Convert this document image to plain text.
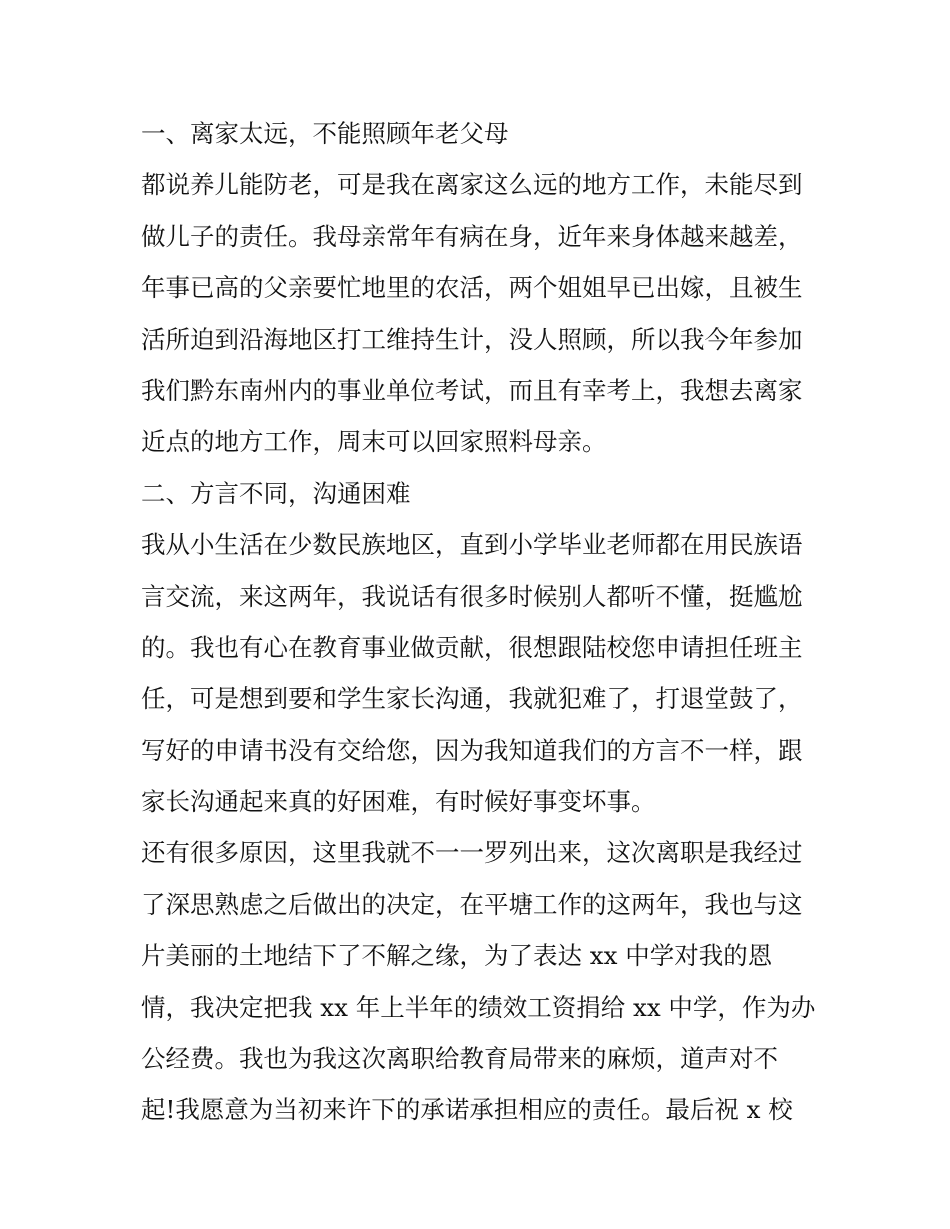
一、离家太远，不能照顾年老父母
都说养儿能防老，可是我在离家这么远的地方工作，未能尽到
做儿子的责任。我母亲常年有病在身，近年来身体越来越差，
年事已高的父亲要忙地里的农活，两个姐姐早已出嫁，且被生
活所迫到沿海地区打工维持生计，没人照顾，所以我今年参加
我们黔东南州内的事业单位考试，而且有幸考上，我想去离家
近点的地方工作，周末可以回家照料母亲。
二、方言不同，沟通困难
我从小生活在少数民族地区，直到小学毕业老师都在用民族语
言交流，来这两年，我说话有很多时候别人都听不懂，挺尴尬
的。我也有心在教育事业做贡献，很想跟陆校您申请担任班主
任，可是想到要和学生家长沟通，我就犯难了，打退堂鼓了，
写好的申请书没有交给您，因为我知道我们的方言不一样，跟
家长沟通起来真的好困难，有时候好事变坏事。
还有很多原因，这里我就不一一罗列出来，这次离职是我经过
了深思熟虑之后做出的决定，在平塘工作的这两年，我也与这
片美丽的土地结下了不解之缘，为了表达 xx 中学对我的恩
情，我决定把我 xx 年上半年的绩效工资捐给 xx 中学，作为办
公经费。我也为我这次离职给教育局带来的麻烦，道声对不
起!我愿意为当初来许下的承诺承担相应的责任。最后祝 x 校
